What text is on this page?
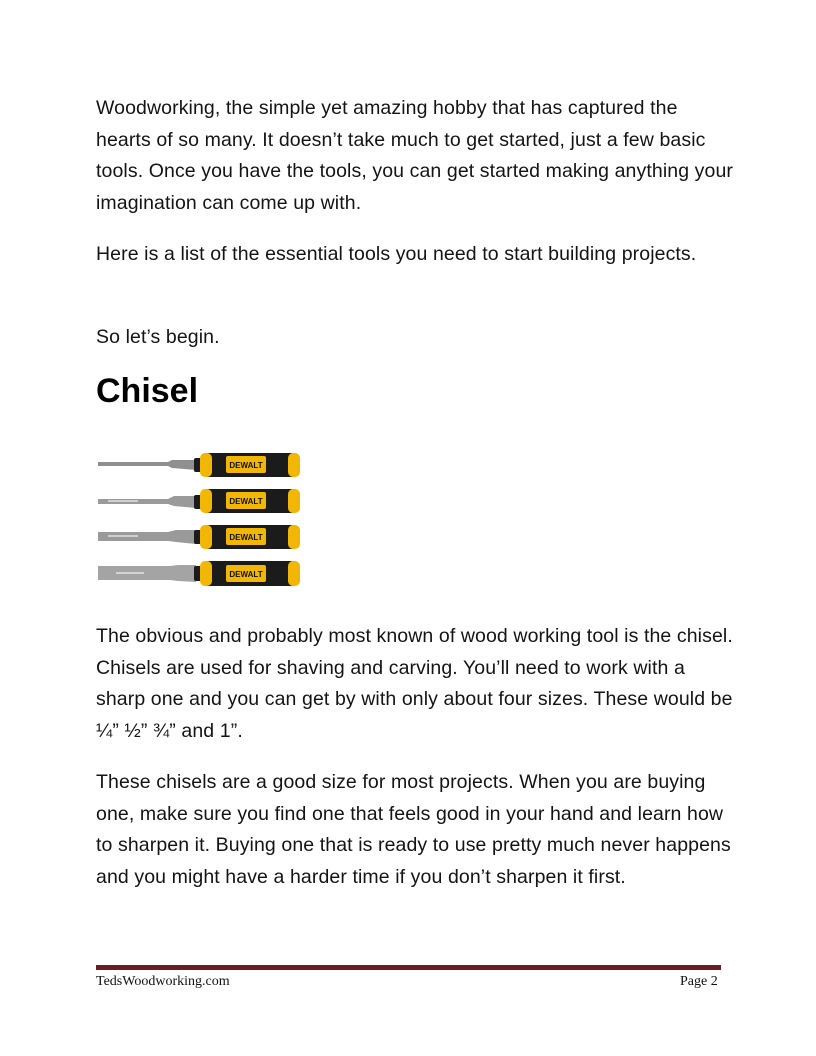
Woodworking, the simple yet amazing hobby that has captured the hearts of so many. It doesn’t take much to get started, just a few basic tools. Once you have the tools, you can get started making anything your imagination can come up with.

Here is a list of the essential tools you need to start building projects.

So let’s begin.

Chisel
DEWALT
DEWALT
DEWALT
DEWALT

The obvious and probably most known of wood working tool is the chisel. Chisels are used for shaving and carving. You’ll need to work with a sharp one and you can get by with only about four sizes. These would be ¼” ½” ¾” and 1”.

These chisels are a good size for most projects. When you are buying one, make sure you find one that feels good in your hand and learn how to sharpen it. Buying one that is ready to use pretty much never happens and you might have a harder time if you don’t sharpen it first.

TedsWoodworking.com	Page 2
